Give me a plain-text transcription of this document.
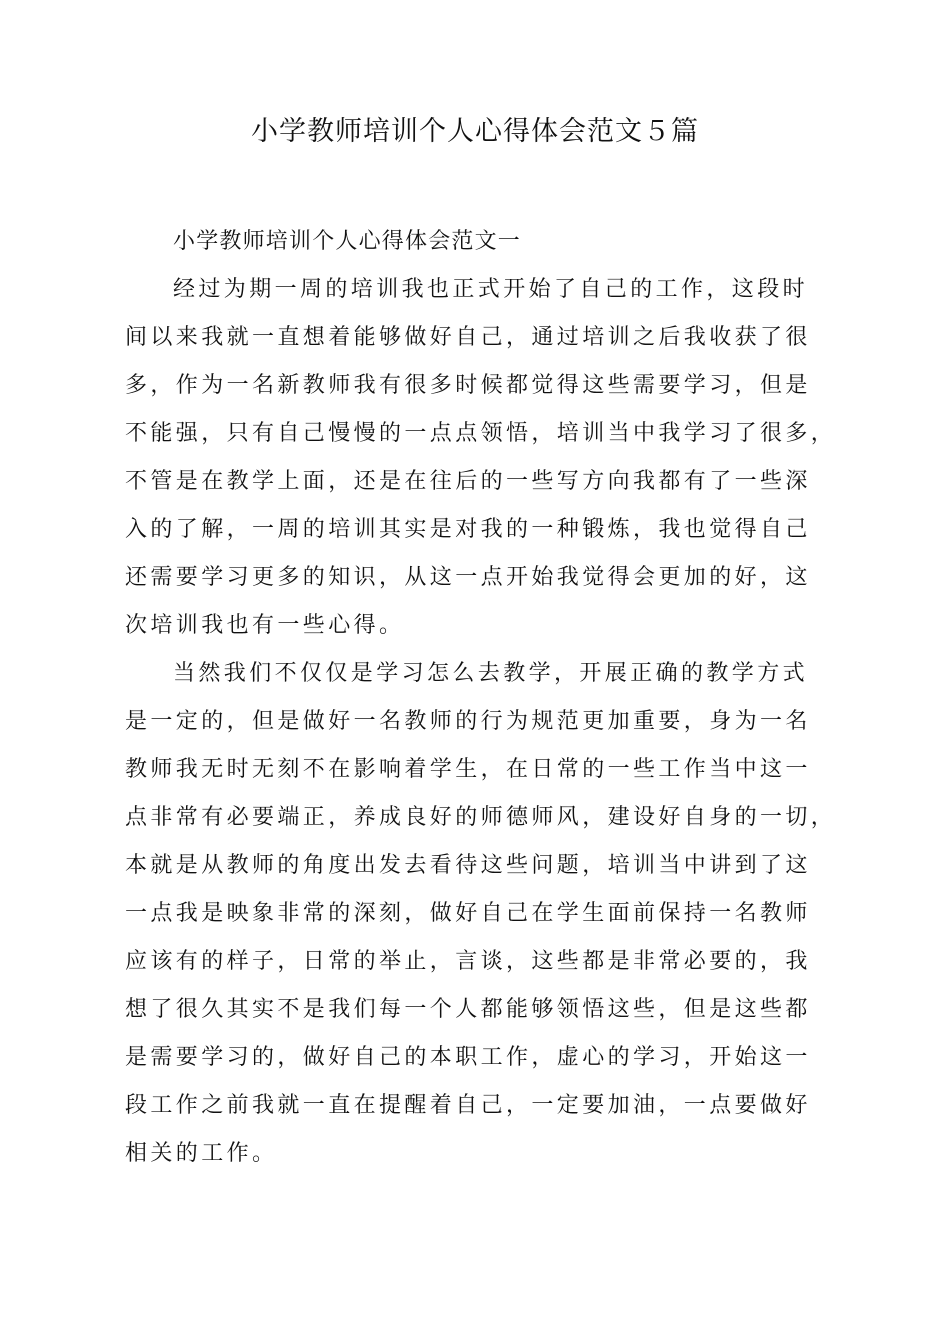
小学教师培训个人心得体会范文５篇
小学教师培训个人心得体会范文一
经过为期一周的培训我也正式开始了自己的工作，这段时
间以来我就一直想着能够做好自己，通过培训之后我收获了很
多，作为一名新教师我有很多时候都觉得这些需要学习，但是
不能强，只有自己慢慢的一点点领悟，培训当中我学习了很多，
不管是在教学上面，还是在往后的一些写方向我都有了一些深
入的了解，一周的培训其实是对我的一种锻炼，我也觉得自己
还需要学习更多的知识，从这一点开始我觉得会更加的好，这
次培训我也有一些心得。
当然我们不仅仅是学习怎么去教学，开展正确的教学方式
是一定的，但是做好一名教师的行为规范更加重要，身为一名
教师我无时无刻不在影响着学生，在日常的一些工作当中这一
点非常有必要端正，养成良好的师德师风，建设好自身的一切，
本就是从教师的角度出发去看待这些问题，培训当中讲到了这
一点我是映象非常的深刻，做好自己在学生面前保持一名教师
应该有的样子，日常的举止，言谈，这些都是非常必要的，我
想了很久其实不是我们每一个人都能够领悟这些，但是这些都
是需要学习的，做好自己的本职工作，虚心的学习，开始这一
段工作之前我就一直在提醒着自己，一定要加油，一点要做好
相关的工作。
